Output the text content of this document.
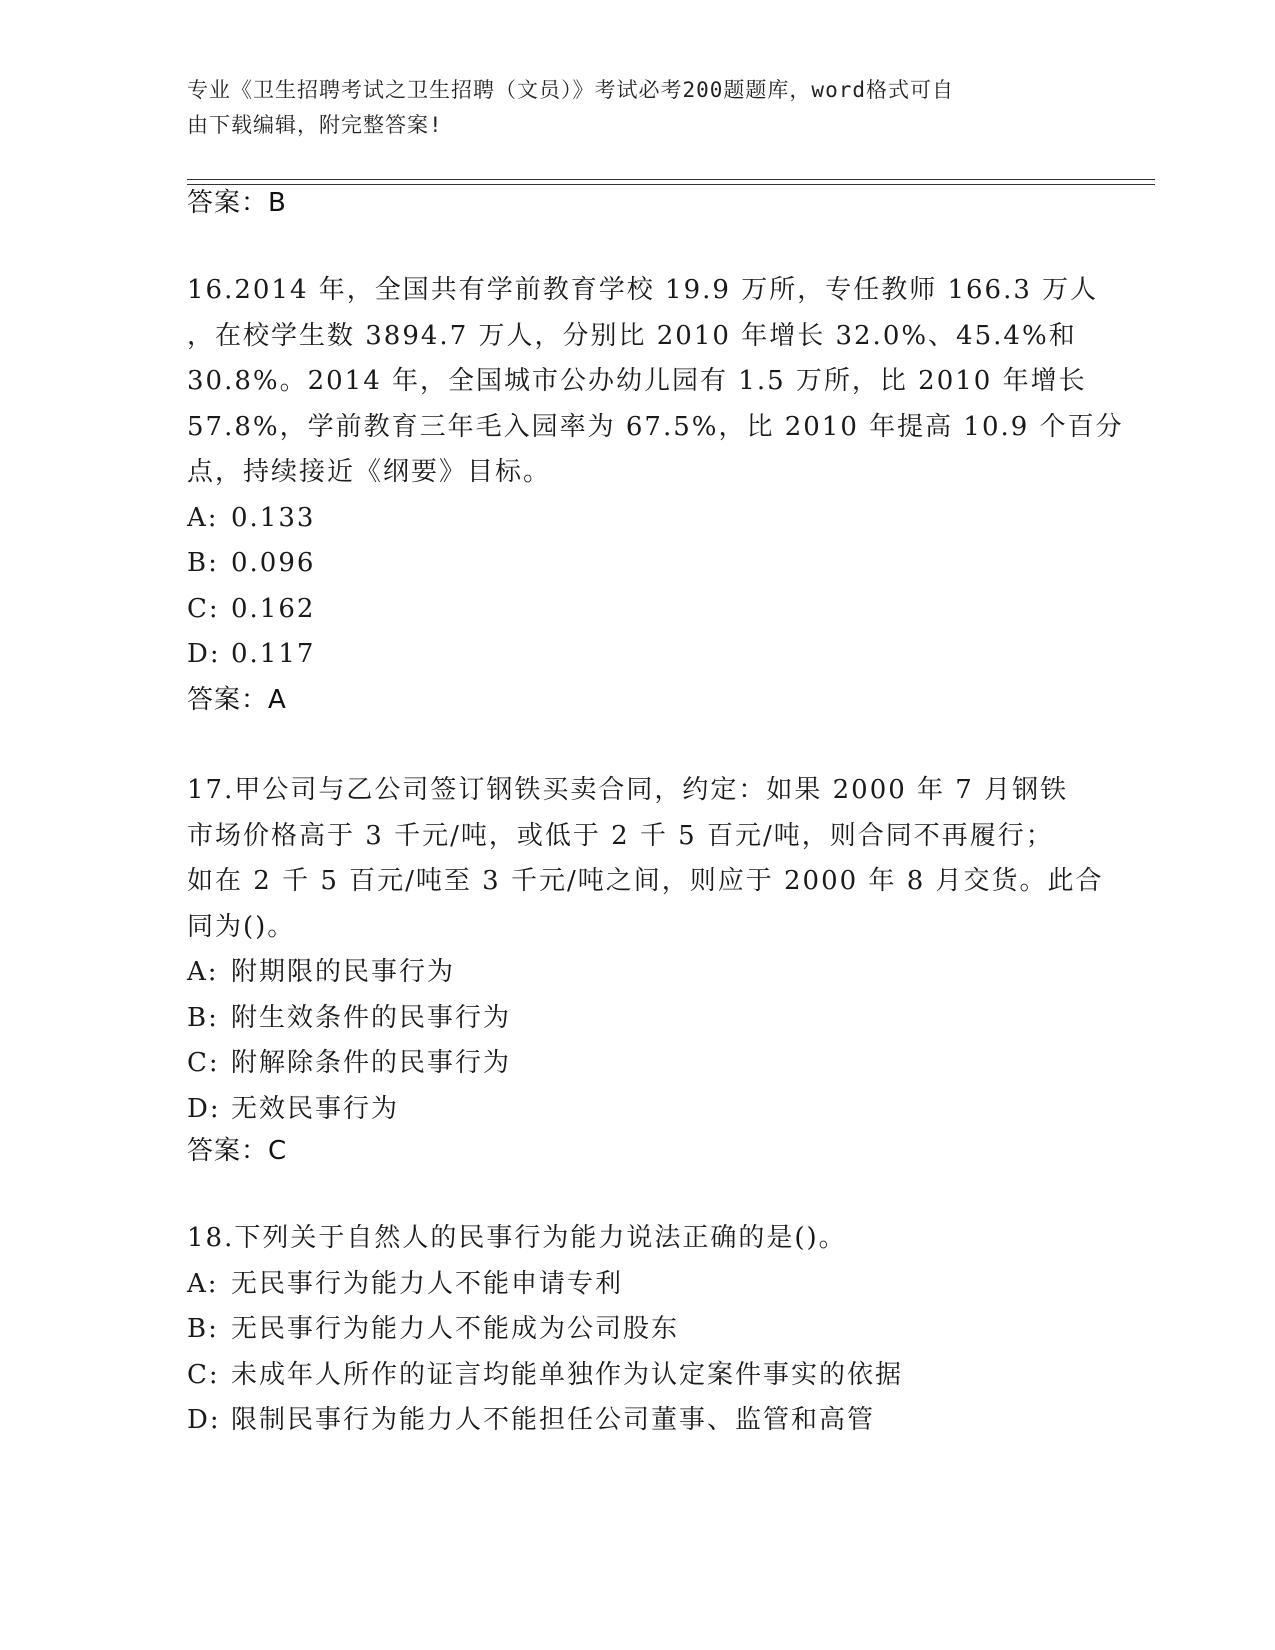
专业《卫生招聘考试之卫生招聘（文员）》考试必考200题题库，word格式可自
由下载编辑，附完整答案!
答案：B
16.2014 年，全国共有学前教育学校 19.9 万所，专任教师 166.3 万人
，在校学生数 3894.7 万人，分别比 2010 年增长 32.0%、45.4%和
30.8%。2014 年，全国城市公办幼儿园有 1.5 万所，比 2010 年增长
57.8%，学前教育三年毛入园率为 67.5%，比 2010 年提高 10.9 个百分
点，持续接近《纲要》目标。
A: 0.133
B: 0.096
C: 0.162
D: 0.117
答案：A
17.甲公司与乙公司签订钢铁买卖合同，约定：如果 2000 年 7 月钢铁
市场价格高于 3 千元/吨，或低于 2 千 5 百元/吨，则合同不再履行；
如在 2 千 5 百元/吨至 3 千元/吨之间，则应于 2000 年 8 月交货。此合
同为()。
A: 附期限的民事行为
B: 附生效条件的民事行为
C: 附解除条件的民事行为
D: 无效民事行为
答案：C
18.下列关于自然人的民事行为能力说法正确的是()。
A: 无民事行为能力人不能申请专利
B: 无民事行为能力人不能成为公司股东
C: 未成年人所作的证言均能单独作为认定案件事实的依据
D: 限制民事行为能力人不能担任公司董事、监管和高管
